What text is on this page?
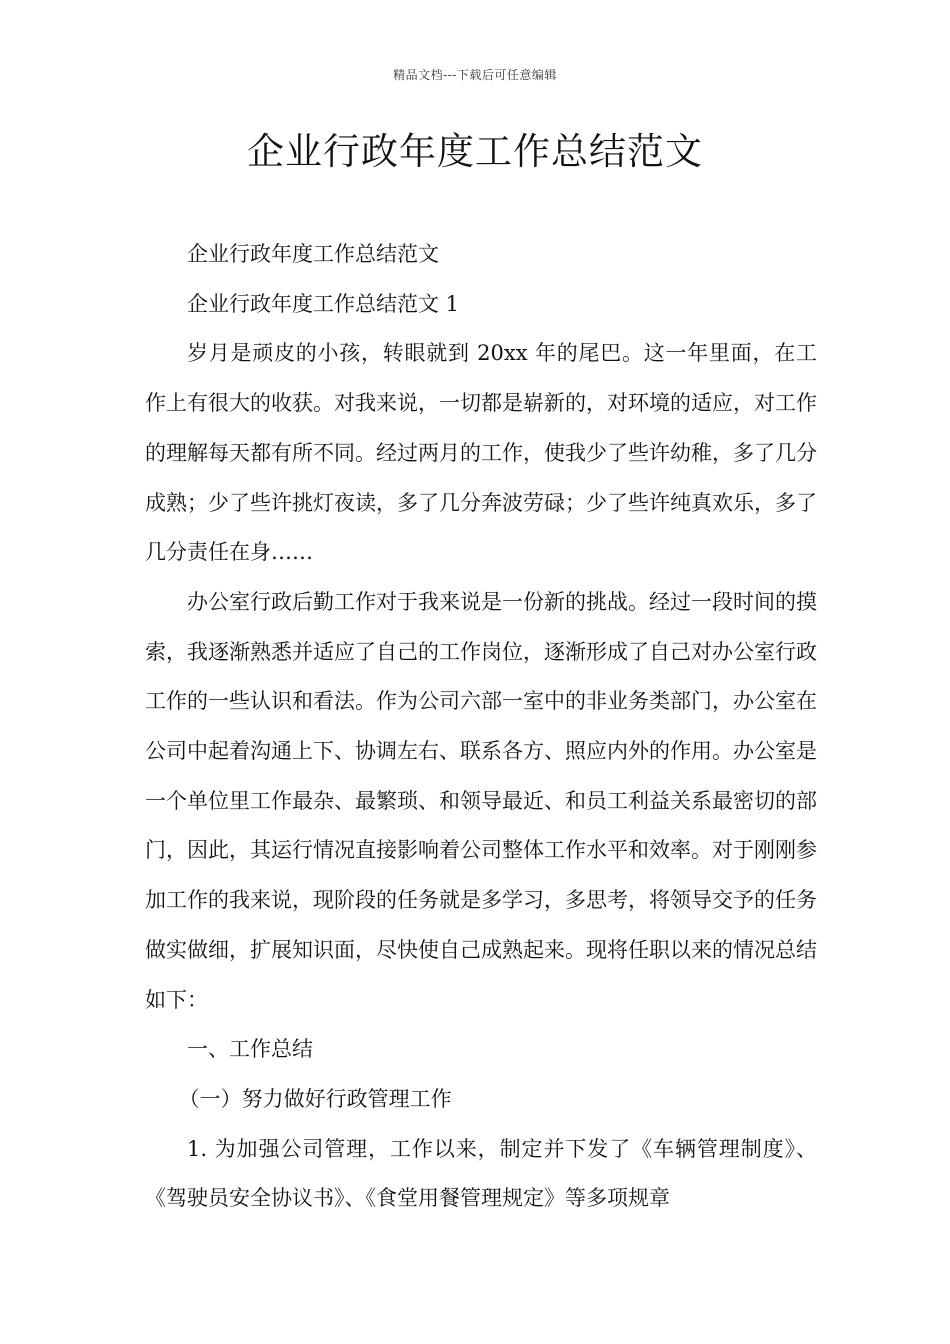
精品文档---下载后可任意编辑
企业行政年度工作总结范文

企业行政年度工作总结范文

企业行政年度工作总结范文 1

岁月是顽皮的小孩，转眼就到 20xx 年的尾巴。这一年里面，在工作上有很大的收获。对我来说，一切都是崭新的，对环境的适应，对工作的理解每天都有所不同。经过两月的工作，使我少了些许幼稚，多了几分成熟；少了些许挑灯夜读，多了几分奔波劳碌；少了些许纯真欢乐，多了几分责任在身……

办公室行政后勤工作对于我来说是一份新的挑战。经过一段时间的摸索，我逐渐熟悉并适应了自己的工作岗位，逐渐形成了自己对办公室行政工作的一些认识和看法。作为公司六部一室中的非业务类部门，办公室在公司中起着沟通上下、协调左右、联系各方、照应内外的作用。办公室是一个单位里工作最杂、最繁琐、和领导最近、和员工利益关系最密切的部门，因此，其运行情况直接影响着公司整体工作水平和效率。对于刚刚参加工作的我来说，现阶段的任务就是多学习，多思考，将领导交予的任务做实做细，扩展知识面，尽快使自己成熟起来。现将任职以来的情况总结如下：

一、工作总结

（一）努力做好行政管理工作

1. 为加强公司管理，工作以来，制定并下发了《车辆管理制度》、《驾驶员安全协议书》、《食堂用餐管理规定》等多项规章
